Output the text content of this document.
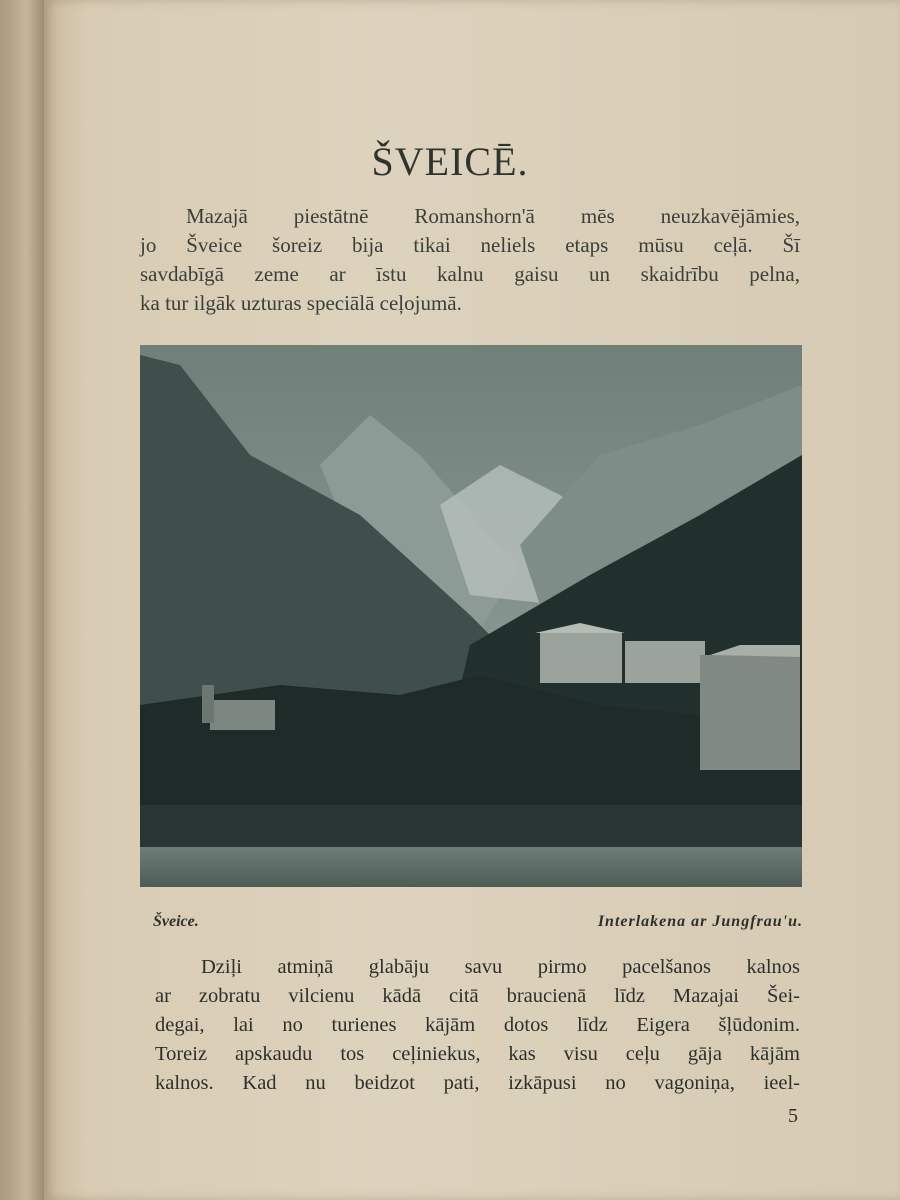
ŠVEICĒ.
Mazajā piestātnē Romanshorn'ā mēs neuzkavējāmies,
jo Šveice šoreiz bija tikai neliels etaps mūsu ceļā. Šī
savdabīgā zeme ar īstu kalnu gaisu un skaidrību pelna,
ka tur ilgāk uzturas speciālā ceļojumā.

Šveice.	Interlakena ar Jungfrau'u.

Dziļi atmiņā glabāju savu pirmo pacelšanos kalnos
ar zobratu vilcienu kādā citā braucienā līdz Mazajai Šei-
degai, lai no turienes kājām dotos līdz Eigera šļūdonim.
Toreiz apskaudu tos ceļiniekus, kas visu ceļu gāja kājām
kalnos. Kad nu beidzot pati, izkāpusi no vagoniņa, ieel-

5
